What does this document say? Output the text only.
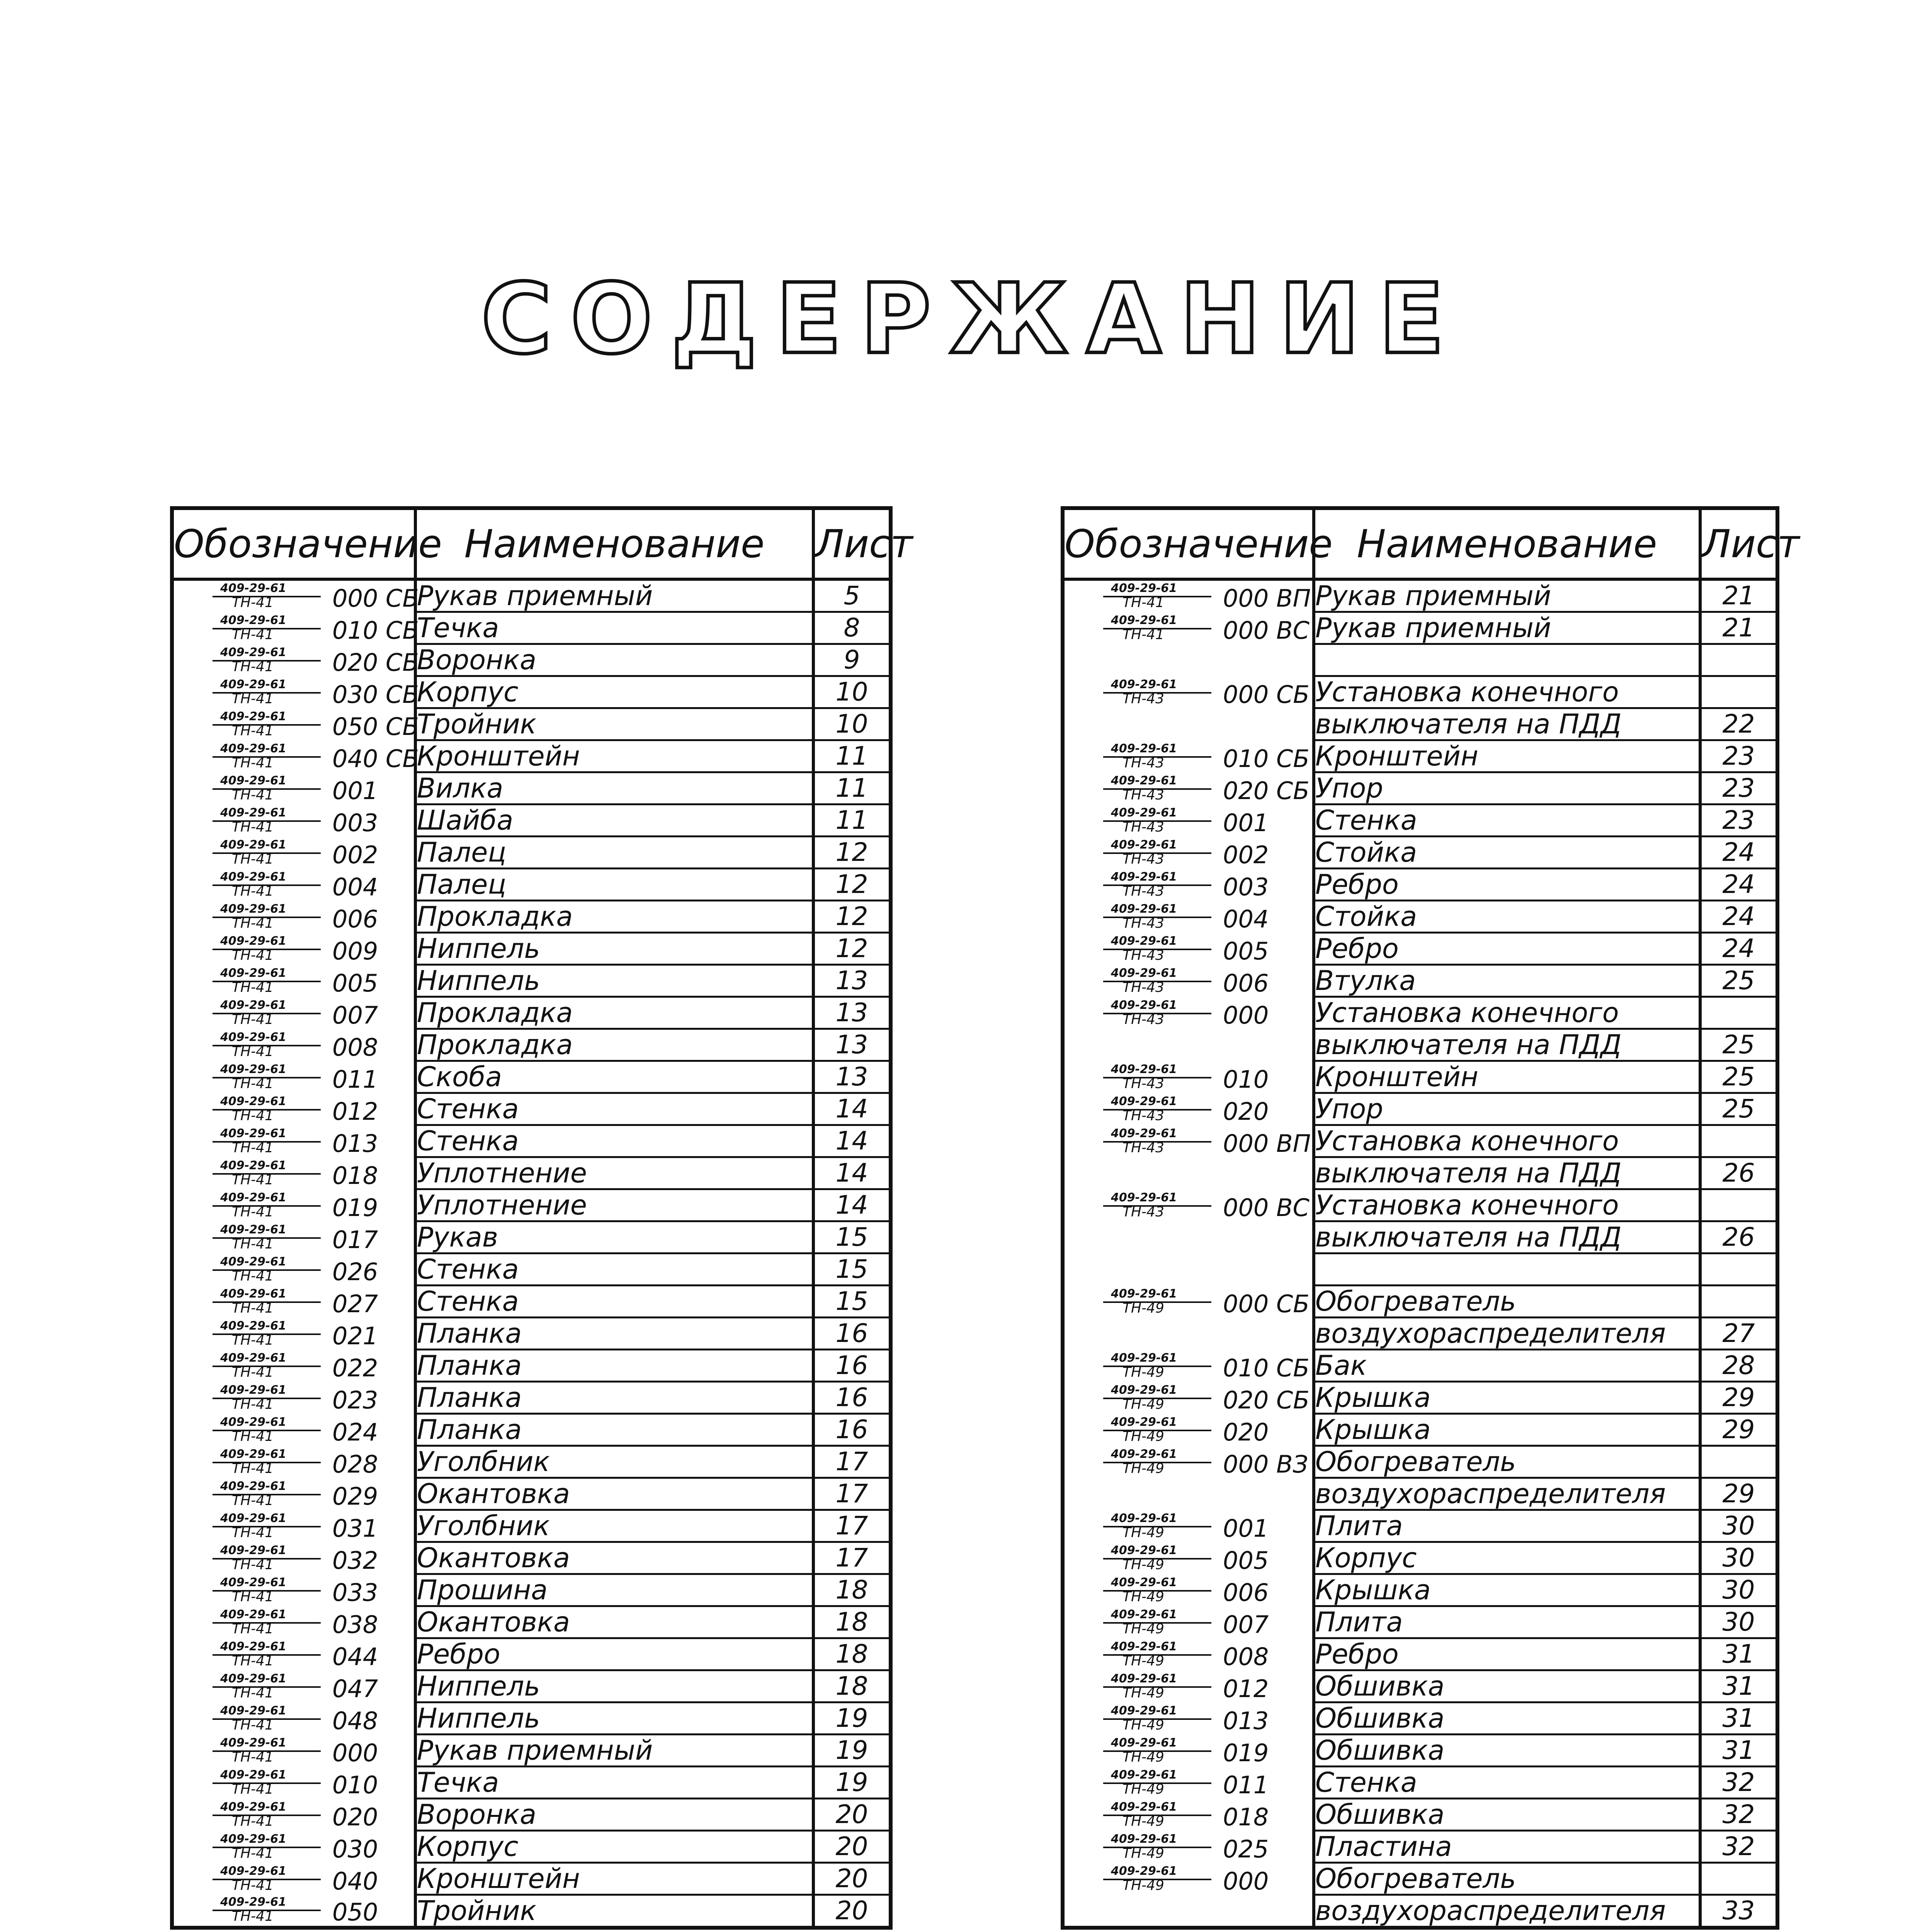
СОДЕРЖАНИЕ
Обозначение	Наименование	Лист

409-29-61
ТН-41 000 СБ	Рукав приемный	5

409-29-61
ТН-41 010 СБ	Течка	8

409-29-61
ТН-41 020 СБ	Воронка	9

409-29-61
ТН-41 030 СБ	Корпус	10

409-29-61
ТН-41 050 СБ	Тройник	10

409-29-61
ТН-41 040 СБ	Кронштейн	11

409-29-61
ТН-41 001	Вилка	11

409-29-61
ТН-41 003	Шайба	11

409-29-61
ТН-41 002	Палец	12

409-29-61
ТН-41 004	Палец	12

409-29-61
ТН-41 006	Прокладка	12

409-29-61
ТН-41 009	Ниппель	12

409-29-61
ТН-41 005	Ниппель	13

409-29-61
ТН-41 007	Прокладка	13

409-29-61
ТН-41 008	Прокладка	13

409-29-61
ТН-41 011	Скоба	13

409-29-61
ТН-41 012	Стенка	14

409-29-61
ТН-41 013	Стенка	14

409-29-61
ТН-41 018	Уплотнение	14

409-29-61
ТН-41 019	Уплотнение	14

409-29-61
ТН-41 017	Рукав	15

409-29-61
ТН-41 026	Стенка	15

409-29-61
ТН-41 027	Стенка	15

409-29-61
ТН-41 021	Планка	16

409-29-61
ТН-41 022	Планка	16

409-29-61
ТН-41 023	Планка	16

409-29-61
ТН-41 024	Планка	16

409-29-61
ТН-41 028	Уголбник	17

409-29-61
ТН-41 029	Окантовка	17

409-29-61
ТН-41 031	Уголбник	17

409-29-61
ТН-41 032	Окантовка	17

409-29-61
ТН-41 033	Прошина	18

409-29-61
ТН-41 038	Окантовка	18

409-29-61
ТН-41 044	Ребро	18

409-29-61
ТН-41 047	Ниппель	18

409-29-61
ТН-41 048	Ниппель	19

409-29-61
ТН-41 000	Рукав приемный	19

409-29-61
ТН-41 010	Течка	19

409-29-61
ТН-41 020	Воронка	20

409-29-61
ТН-41 030	Корпус	20

409-29-61
ТН-41 040	Кронштейн	20

409-29-61
ТН-41 050	Тройник	20
Обозначение	Наименование	Лист

409-29-61
ТН-41 000 ВП	Рукав приемный	21

409-29-61
ТН-41 000 ВС	Рукав приемный	21

409-29-61
ТН-43 000 СБ	Установка конечного	
	выключателя на ПДД	22

409-29-61
ТН-43 010 СБ	Кронштейн	23

409-29-61
ТН-43 020 СБ	Упор	23

409-29-61
ТН-43 001	Стенка	23

409-29-61
ТН-43 002	Стойка	24

409-29-61
ТН-43 003	Ребро	24

409-29-61
ТН-43 004	Стойка	24

409-29-61
ТН-43 005	Ребро	24

409-29-61
ТН-43 006	Втулка	25

409-29-61
ТН-43 000	Установка конечного	
	выключателя на ПДД	25

409-29-61
ТН-43 010	Кронштейн	25

409-29-61
ТН-43 020	Упор	25

409-29-61
ТН-43 000 ВП	Установка конечного	
	выключателя на ПДД	26

409-29-61
ТН-43 000 ВС	Установка конечного	
	выключателя на ПДД	26

409-29-61
ТН-49 000 СБ	Обогреватель	
	воздухораспределителя	27

409-29-61
ТН-49 010 СБ	Бак	28

409-29-61
ТН-49 020 СБ	Крышка	29

409-29-61
ТН-49 020	Крышка	29

409-29-61
ТН-49 000 ВЗ	Обогреватель	
	воздухораспределителя	29

409-29-61
ТН-49 001	Плита	30

409-29-61
ТН-49 005	Корпус	30

409-29-61
ТН-49 006	Крышка	30

409-29-61
ТН-49 007	Плита	30

409-29-61
ТН-49 008	Ребро	31

409-29-61
ТН-49 012	Обшивка	31

409-29-61
ТН-49 013	Обшивка	31

409-29-61
ТН-49 019	Обшивка	31

409-29-61
ТН-49 011	Стенка	32

409-29-61
ТН-49 018	Обшивка	32

409-29-61
ТН-49 025	Пластина	32

409-29-61
ТН-49 000	Обогреватель	
	воздухораспределителя	33
